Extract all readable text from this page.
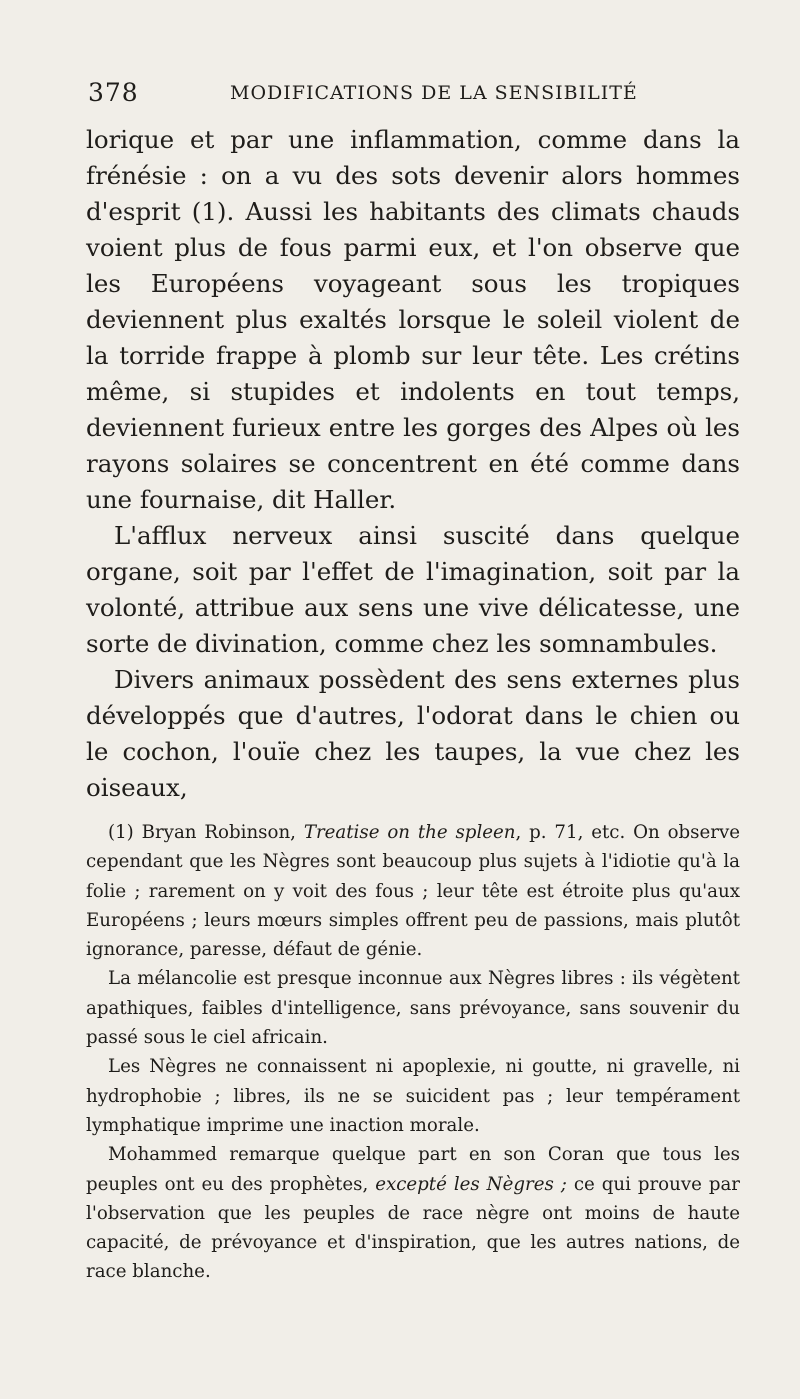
378	MODIFICATIONS DE LA SENSIBILITÉ

lorique et par une inflammation, comme dans la frénésie : on a vu des sots devenir alors hommes d'esprit (1). Aussi les habitants des climats chauds voient plus de fous parmi eux, et l'on observe que les Européens voyageant sous les tropiques deviennent plus exaltés lorsque le soleil violent de la torride frappe à plomb sur leur tête. Les crétins même, si stupides et indolents en tout temps, deviennent furieux entre les gorges des Alpes où les rayons solaires se concentrent en été comme dans une fournaise, dit Haller.

L'afflux nerveux ainsi suscité dans quelque organe, soit par l'effet de l'imagination, soit par la volonté, attribue aux sens une vive délicatesse, une sorte de divination, comme chez les somnambules.

Divers animaux possèdent des sens externes plus développés que d'autres, l'odorat dans le chien ou le cochon, l'ouïe chez les taupes, la vue chez les oiseaux,

(1) Bryan Robinson, Treatise on the spleen, p. 71, etc. On observe cependant que les Nègres sont beaucoup plus sujets à l'idiotie qu'à la folie ; rarement on y voit des fous ; leur tête est étroite plus qu'aux Européens ; leurs mœurs simples offrent peu de passions, mais plutôt ignorance, paresse, défaut de génie.

La mélancolie est presque inconnue aux Nègres libres : ils végètent apathiques, faibles d'intelligence, sans prévoyance, sans souvenir du passé sous le ciel africain.

Les Nègres ne connaissent ni apoplexie, ni goutte, ni gravelle, ni hydrophobie ; libres, ils ne se suicident pas ; leur tempérament lymphatique imprime une inaction morale.

Mohammed remarque quelque part en son Coran que tous les peuples ont eu des prophètes, excepté les Nègres ; ce qui prouve par l'observation que les peuples de race nègre ont moins de haute capacité, de prévoyance et d'inspiration, que les autres nations, de race blanche.
